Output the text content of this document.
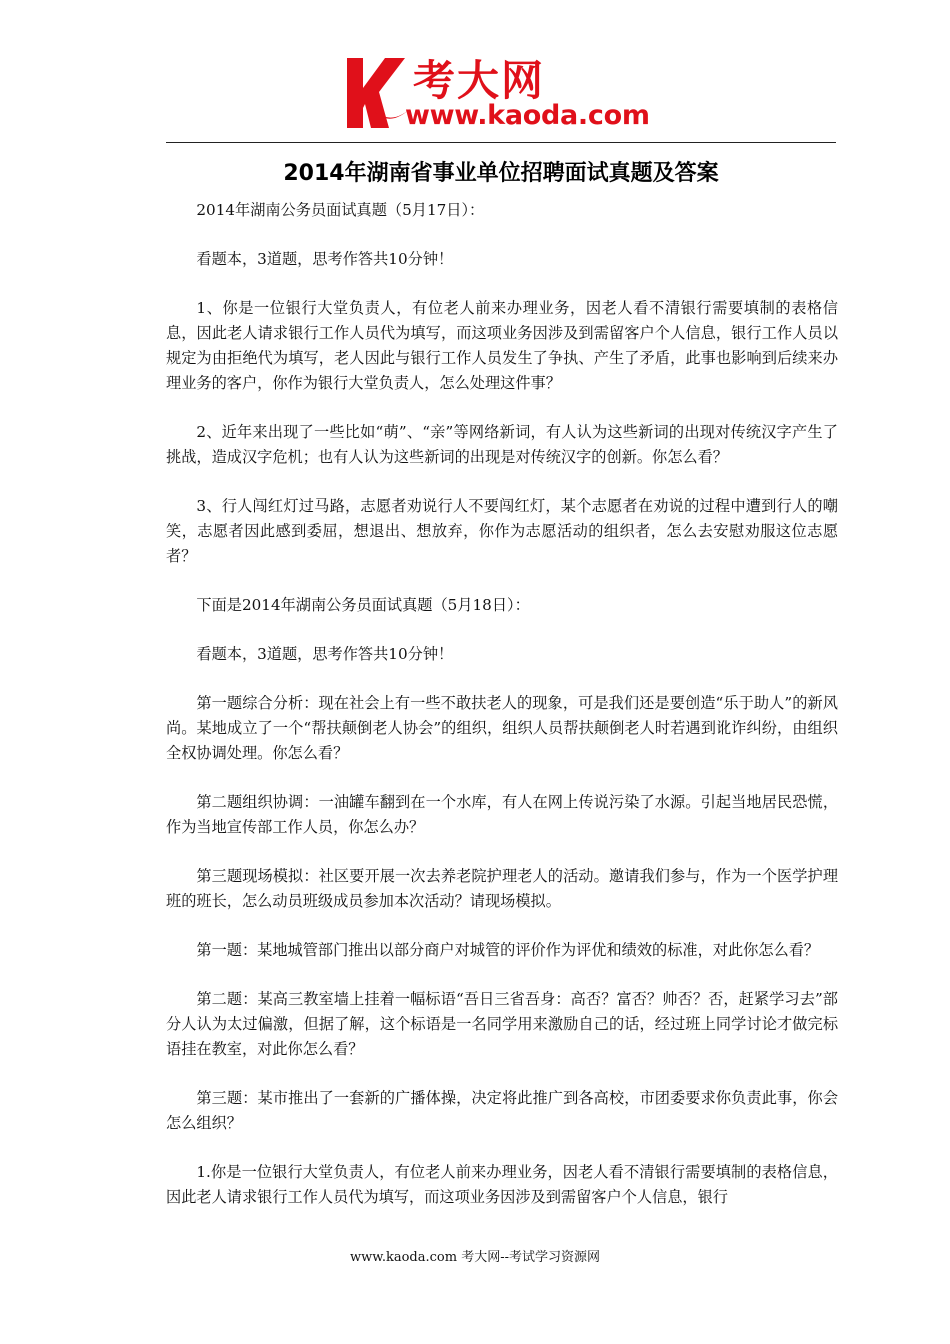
考大网
www.kaoda.com
2014年湖南省事业单位招聘面试真题及答案

2014年湖南公务员面试真题（5月17日）：

看题本，3道题，思考作答共10分钟！

1、你是一位银行大堂负责人，有位老人前来办理业务，因老人看不清银行需要填制的表格信息，因此老人请求银行工作人员代为填写，而这项业务因涉及到需留客户个人信息，银行工作人员以规定为由拒绝代为填写，老人因此与银行工作人员发生了争执、产生了矛盾，此事也影响到后续来办理业务的客户，你作为银行大堂负责人，怎么处理这件事？

2、近年来出现了一些比如“萌”、“亲”等网络新词，有人认为这些新词的出现对传统汉字产生了挑战，造成汉字危机；也有人认为这些新词的出现是对传统汉字的创新。你怎么看？

3、行人闯红灯过马路，志愿者劝说行人不要闯红灯，某个志愿者在劝说的过程中遭到行人的嘲笑，志愿者因此感到委屈，想退出、想放弃，你作为志愿活动的组织者，怎么去安慰劝服这位志愿者？

下面是2014年湖南公务员面试真题（5月18日）：

看题本，3道题，思考作答共10分钟！

第一题综合分析：现在社会上有一些不敢扶老人的现象，可是我们还是要创造“乐于助人”的新风尚。某地成立了一个“帮扶颠倒老人协会”的组织，组织人员帮扶颠倒老人时若遇到讹诈纠纷，由组织全权协调处理。你怎么看？

第二题组织协调：一油罐车翻到在一个水库，有人在网上传说污染了水源。引起当地居民恐慌，作为当地宣传部工作人员，你怎么办？

第三题现场模拟：社区要开展一次去养老院护理老人的活动。邀请我们参与，作为一个医学护理班的班长，怎么动员班级成员参加本次活动？请现场模拟。

第一题：某地城管部门推出以部分商户对城管的评价作为评优和绩效的标准，对此你怎么看？

第二题：某高三教室墙上挂着一幅标语“吾日三省吾身：高否？富否？帅否？否，赶紧学习去”部分人认为太过偏激，但据了解，这个标语是一名同学用来激励自己的话，经过班上同学讨论才做完标语挂在教室，对此你怎么看？

第三题：某市推出了一套新的广播体操，决定将此推广到各高校，市团委要求你负责此事，你会怎么组织？

1.你是一位银行大堂负责人，有位老人前来办理业务，因老人看不清银行需要填制的表格信息，因此老人请求银行工作人员代为填写，而这项业务因涉及到需留客户个人信息，银行

www.kaoda.com 考大网--考试学习资源网
